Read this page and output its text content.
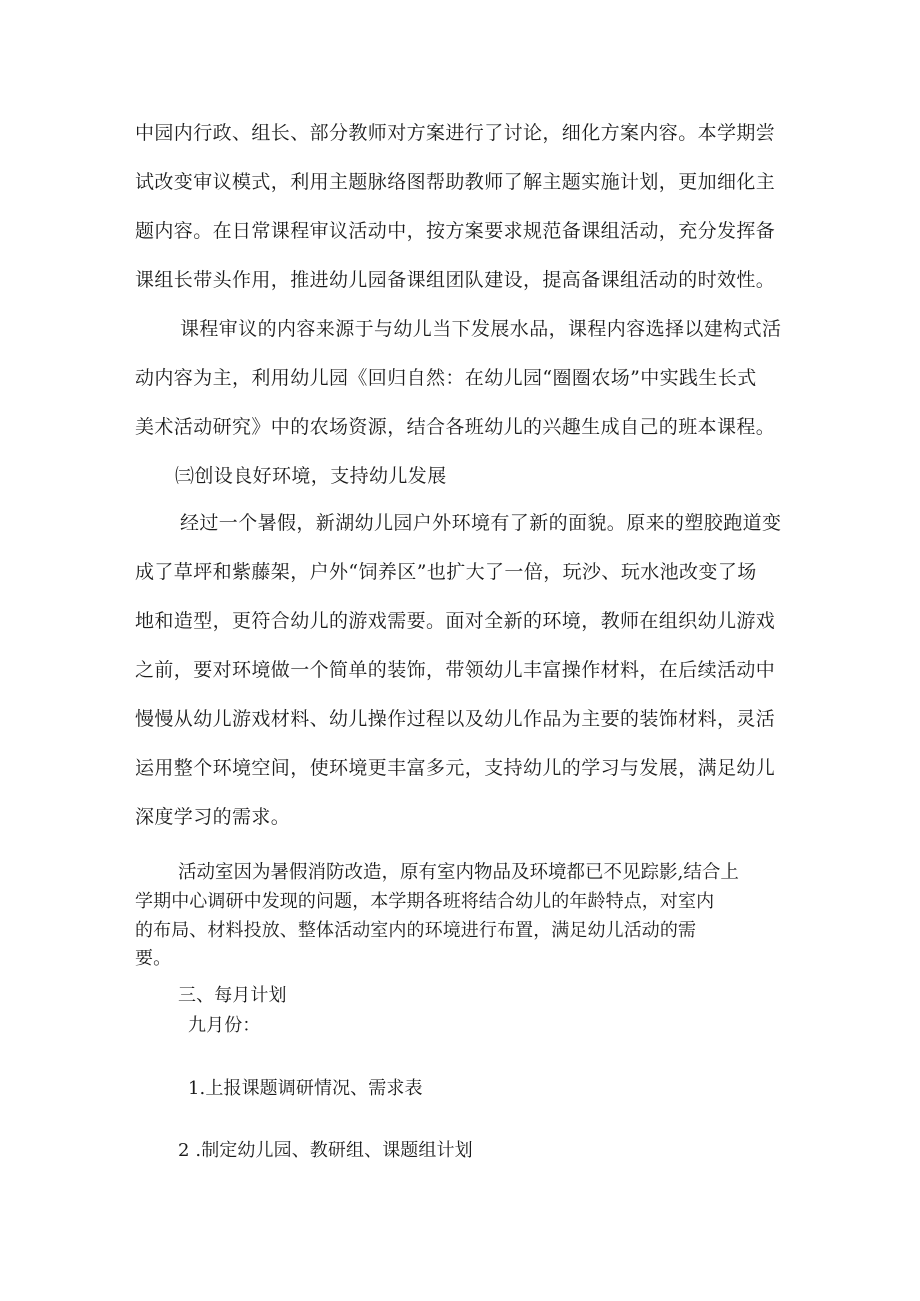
中园内行政、组长、部分教师对方案进行了讨论，细化方案内容。本学期尝
试改变审议模式，利用主题脉络图帮助教师了解主题实施计划，更加细化主
题内容。在日常课程审议活动中，按方案要求规范备课组活动，充分发挥备
课组长带头作用，推进幼儿园备课组团队建设，提高备课组活动的时效性。
课程审议的内容来源于与幼儿当下发展水品，课程内容选择以建构式活
动内容为主，利用幼儿园《回归自然：在幼儿园“圈圈农场”中实践生长式
美术活动研究》中的农场资源，结合各班幼儿的兴趣生成自己的班本课程。
㈢创设良好环境，支持幼儿发展
经过一个暑假，新湖幼儿园户外环境有了新的面貌。原来的塑胶跑道变
成了草坪和紫藤架，户外“饲养区”也扩大了一倍，玩沙、玩水池改变了场
地和造型，更符合幼儿的游戏需要。面对全新的环境，教师在组织幼儿游戏
之前，要对环境做一个简单的装饰，带领幼儿丰富操作材料，在后续活动中
慢慢从幼儿游戏材料、幼儿操作过程以及幼儿作品为主要的装饰材料，灵活
运用整个环境空间，使环境更丰富多元，支持幼儿的学习与发展，满足幼儿
深度学习的需求。
活动室因为暑假消防改造，原有室内物品及环境都已不见踪影,结合上
学期中心调研中发现的问题，本学期各班将结合幼儿的年龄特点，对室内
的布局、材料投放、整体活动室内的环境进行布置，满足幼儿活动的需
要。
三、每月计划
九月份：
1.上报课题调研情况、需求表
2 .制定幼儿园、教研组、课题组计划
